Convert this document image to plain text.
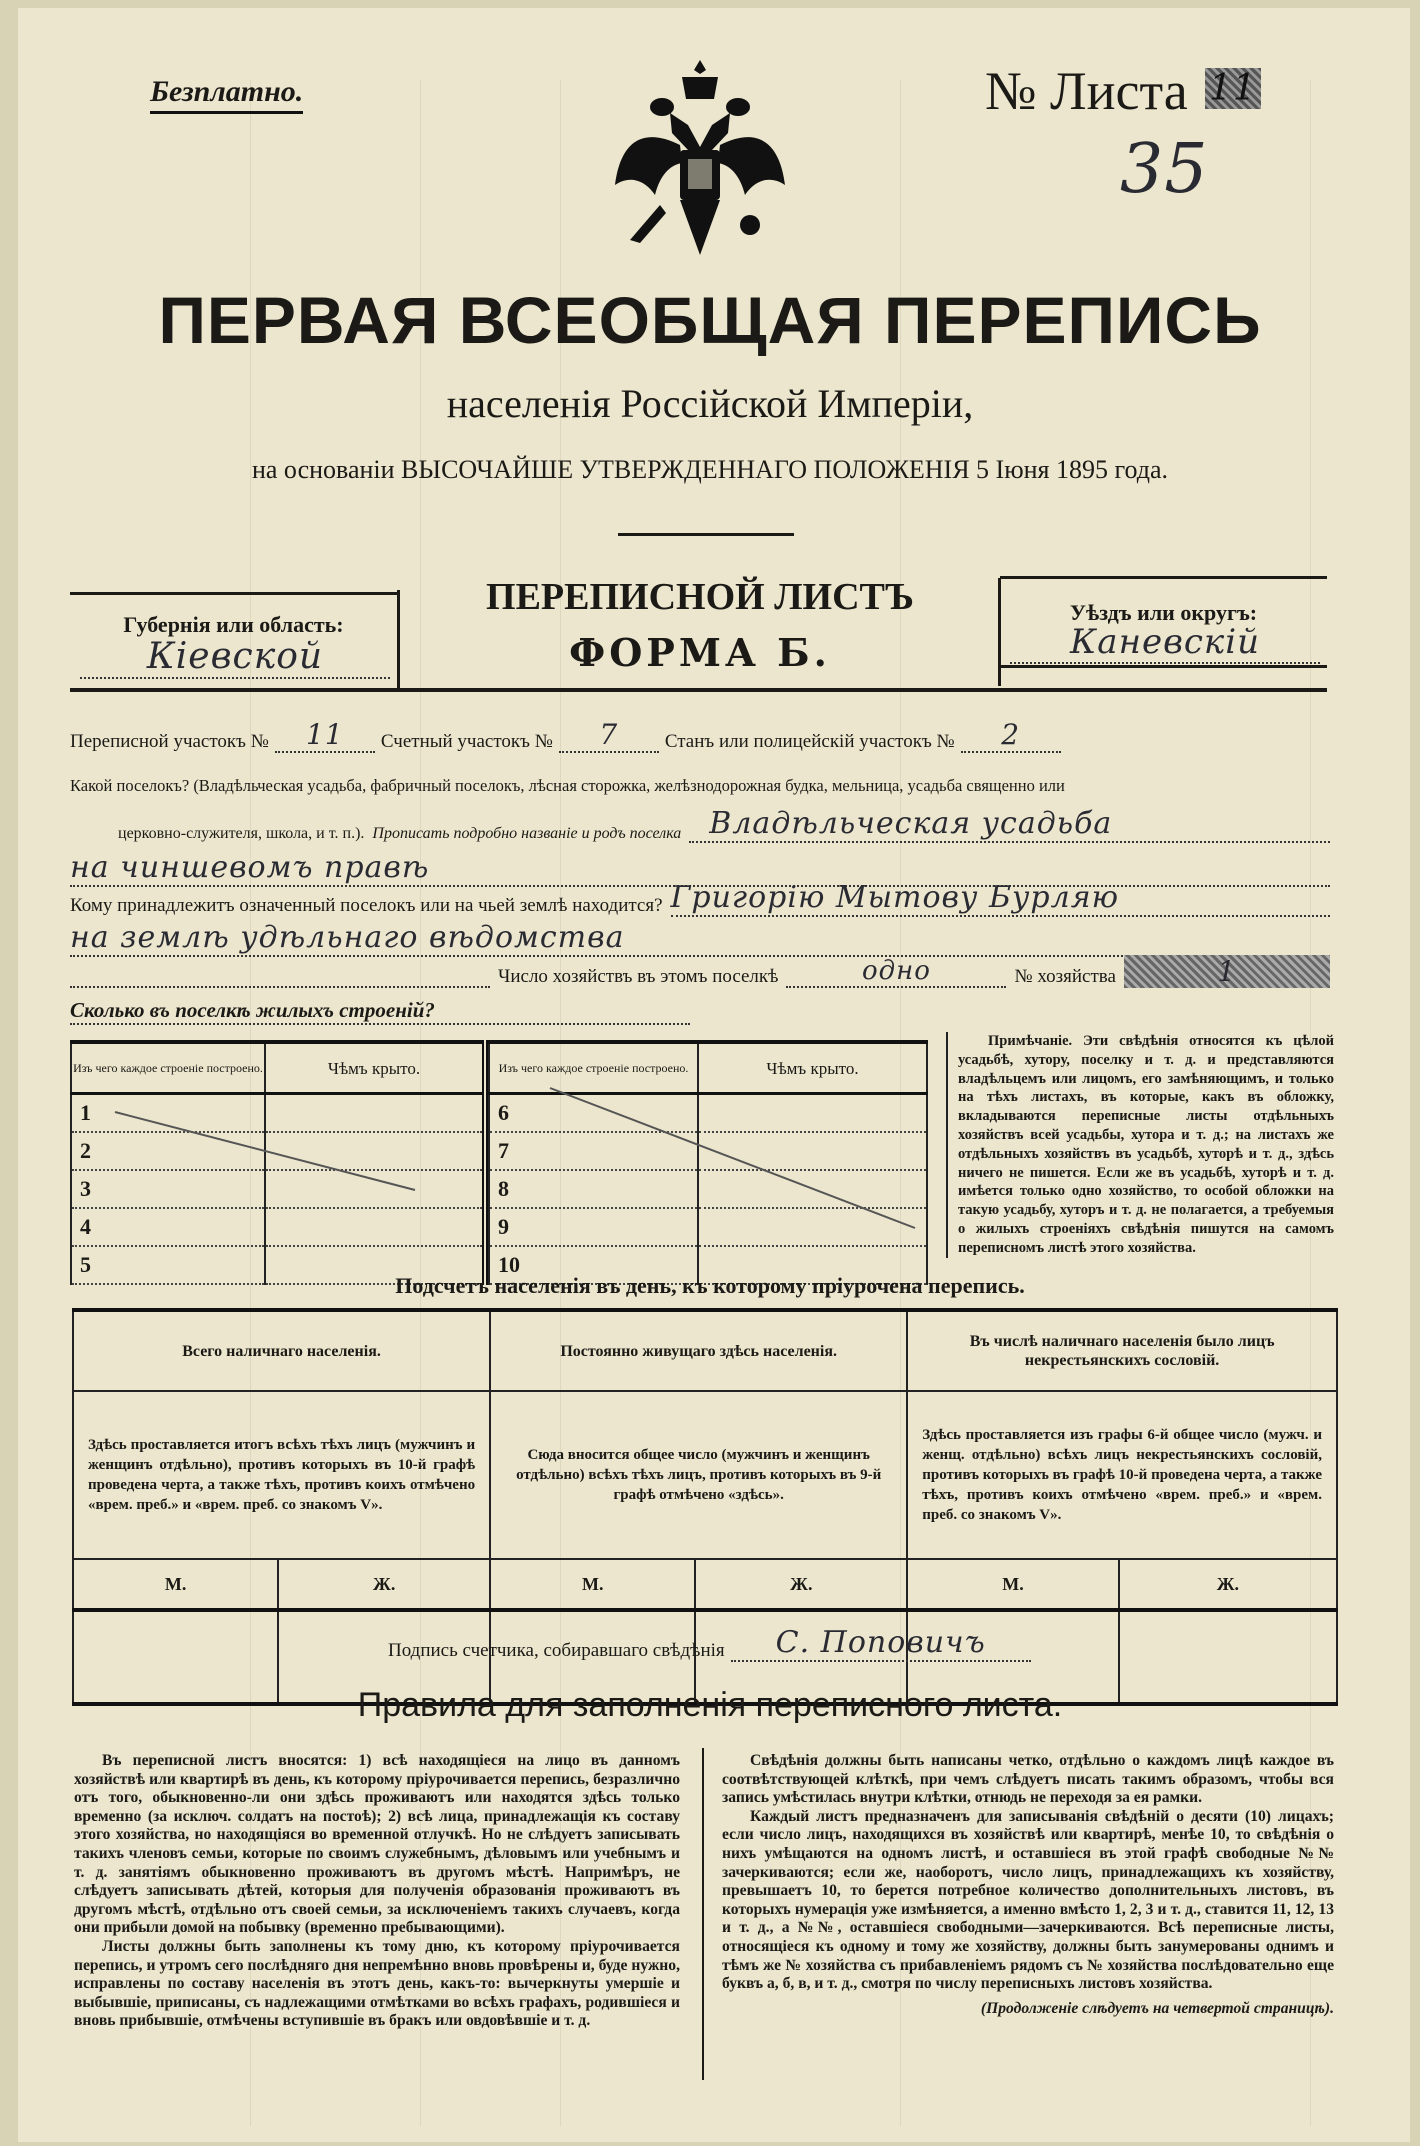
Безплатно.	№ Листа 11
35
ПЕРВАЯ ВСЕОБЩАЯ ПЕРЕПИСЬ
населенія Россійской Имперіи,
на основаніи ВЫСОЧАЙШЕ УТВЕРЖДЕННАГО ПОЛОЖЕНІЯ 5 Іюня 1895 года.
Губернія или область:
Кіевской
ПЕРЕПИСНОЙ ЛИСТЪ
ФОРМА Б.
Уѣздъ или округъ:
Каневскій
Переписной участокъ №	11	Счетный участокъ №	7	Станъ или полицейскій участокъ №	2
Какой поселокъ? (Владѣльческая усадьба, фабричный поселокъ, лѣсная сторожка, желѣзнодорожная будка, мельница, усадьба священно или
церковно-служителя, школа, и т. п.). Прописать подробно названіе и родъ поселка Владѣльческая усадьба
на чиншевомъ правѣ
Кому принадлежитъ означенный поселокъ или на чьей землѣ находится? Григорію Мытову Бурляю
на землѣ удѣльнаго вѣдомства
Число хозяйствъ въ этомъ поселкѣ	одно	№ хозяйства	1
Сколько въ поселкѣ жилыхъ строеній?
Изъ чего каждое строеніе построено.	Чѣмъ крыто.
1	
2	
3	
4	
5	
Изъ чего каждое строеніе построено.	Чѣмъ крыто.
6	
7	
8	
9	
10	

Примѣчаніе. Эти свѣдѣнія относятся къ цѣлой усадьбѣ, хутору, поселку и т. д. и представляются владѣльцемъ или лицомъ, его замѣняющимъ, и только на тѣхъ листахъ, въ которые, какъ въ обложку, вкладываются переписные листы отдѣльныхъ хозяйствъ всей усадьбы, хутора и т. д.; на листахъ же отдѣльныхъ хозяйствъ въ усадьбѣ, хуторѣ и т. д., здѣсь ничего не пишется. Если же въ усадьбѣ, хуторѣ и т. д. имѣется только одно хозяйство, то особой обложки на такую усадьбу, хуторъ и т. д. не полагается, а требуемыя о жилыхъ строеніяхъ свѣдѣнія пишутся на самомъ переписномъ листѣ этого хозяйства.

Подсчетъ населенія въ день, къ которому пріурочена перепись.
Всего наличнаго населенія.		Постоянно живущаго здѣсь населенія.		Въ числѣ наличнаго населенія было лицъ некрестьянскихъ сословій.	
Здѣсь проставляется итогъ всѣхъ тѣхъ лицъ (мужчинъ и женщинъ отдѣльно), противъ которыхъ въ 10-й графѣ проведена черта, а также тѣхъ, противъ коихъ отмѣчено «врем. преб.» и «врем. преб. со знакомъ V».		Сюда вносится общее число (мужчинъ и женщинъ отдѣльно) всѣхъ тѣхъ лицъ, противъ которыхъ въ 9-й графѣ отмѣчено «здѣсь».		Здѣсь проставляется изъ графы 6-й общее число (мужч. и женщ. отдѣльно) всѣхъ лицъ некрестьянскихъ сословій, противъ которыхъ въ графѣ 10-й проведена черта, а также тѣхъ, противъ коихъ отмѣчено «врем. преб.» и «врем. преб. со знакомъ V».	
М.	Ж.	М.	Ж.	М.	Ж.

Подпись счетчика, собиравшаго свѣдѣнія	С. Поповичъ
Правила для заполненія переписного листа.

Въ переписной листъ вносятся: 1) всѣ находящіеся на лицо въ данномъ хозяйствѣ или квартирѣ въ день, къ которому пріурочивается перепись, безразлично отъ того, обыкновенно-ли они здѣсь проживаютъ или находятся здѣсь только временно (за исключ. солдатъ на постоѣ); 2) всѣ лица, принадлежащія къ составу этого хозяйства, но находящіяся во временной отлучкѣ. Но не слѣдуетъ записывать такихъ членовъ семьи, которые по своимъ служебнымъ, дѣловымъ или учебнымъ и т. д. занятіямъ обыкновенно проживаютъ въ другомъ мѣстѣ. Напримѣръ, не слѣдуетъ записывать дѣтей, которыя для полученія образованія проживаютъ въ другомъ мѣстѣ, отдѣльно отъ своей семьи, за исключеніемъ такихъ случаевъ, когда они прибыли домой на побывку (временно пребывающими).

Листы должны быть заполнены къ тому дню, къ которому пріурочивается перепись, и утромъ сего послѣдняго дня непремѣнно вновь провѣрены и, буде нужно, исправлены по составу населенія въ этотъ день, какъ-то: вычеркнуты умершіе и выбывшіе, приписаны, съ надлежащими отмѣтками во всѣхъ графахъ, родившіеся и вновь прибывшіе, отмѣчены вступившіе въ бракъ или овдовѣвшіе и т. д.

Свѣдѣнія должны быть написаны четко, отдѣльно о каждомъ лицѣ каждое въ соотвѣтствующей клѣткѣ, при чемъ слѣдуетъ писать такимъ образомъ, чтобы вся запись умѣстилась внутри клѣтки, отнюдь не переходя за ея рамки.

Каждый листъ предназначенъ для записыванія свѣдѣній о десяти (10) лицахъ; если число лицъ, находящихся въ хозяйствѣ или квартирѣ, менѣе 10, то свѣдѣнія о нихъ умѣщаются на одномъ листѣ, и оставшіеся въ этой графѣ свободные №№ зачеркиваются; если же, наоборотъ, число лицъ, принадлежащихъ къ хозяйству, превышаетъ 10, то берется потребное количество дополнительныхъ листовъ, въ которыхъ нумерація уже измѣняется, а именно вмѣсто 1, 2, 3 и т. д., ставится 11, 12, 13 и т. д., а №№, оставшіеся свободными—зачеркиваются. Всѣ переписные листы, относящіеся къ одному и тому же хозяйству, должны быть занумерованы однимъ и тѣмъ же № хозяйства съ прибавленіемъ рядомъ съ № хозяйства послѣдовательно еще буквъ а, б, в, и т. д., смотря по числу переписныхъ листовъ хозяйства.

(Продолженіе слѣдуетъ на четвертой страницѣ).
